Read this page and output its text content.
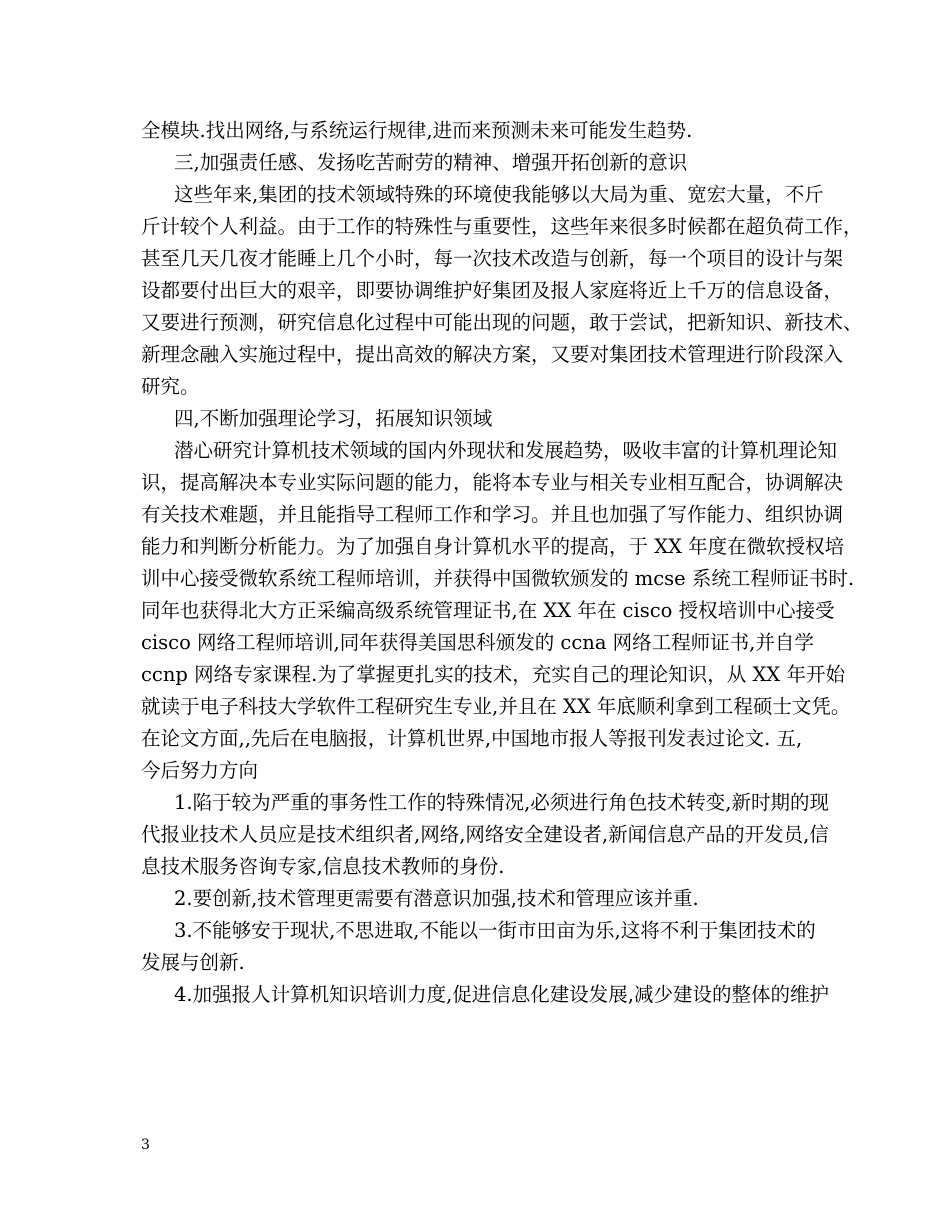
全模块.找出网络,与系统运行规律,进而来预测未来可能发生趋势.
三,加强责任感、发扬吃苦耐劳的精神、增强开拓创新的意识
这些年来,集团的技术领域特殊的环境使我能够以大局为重、宽宏大量，不斤
斤计较个人利益。由于工作的特殊性与重要性，这些年来很多时候都在超负荷工作，
甚至几天几夜才能睡上几个小时，每一次技术改造与创新，每一个项目的设计与架
设都要付出巨大的艰辛，即要协调维护好集团及报人家庭将近上千万的信息设备，
又要进行预测，研究信息化过程中可能出现的问题，敢于尝试，把新知识、新技术、
新理念融入实施过程中，提出高效的解决方案，又要对集团技术管理进行阶段深入
研究。
四,不断加强理论学习，拓展知识领域
潜心研究计算机技术领域的国内外现状和发展趋势，吸收丰富的计算机理论知
识，提高解决本专业实际问题的能力，能将本专业与相关专业相互配合，协调解决
有关技术难题，并且能指导工程师工作和学习。并且也加强了写作能力、组织协调
能力和判断分析能力。为了加强自身计算机水平的提高，于 XX 年度在微软授权培
训中心接受微软系统工程师培训，并获得中国微软颁发的 mcse 系统工程师证书时.
同年也获得北大方正采编高级系统管理证书,在 XX 年在 cisco 授权培训中心接受
cisco 网络工程师培训,同年获得美国思科颁发的 ccna 网络工程师证书,并自学
ccnp 网络专家课程.为了掌握更扎实的技术，充实自己的理论知识，从 XX 年开始
就读于电子科技大学软件工程研究生专业,并且在 XX 年底顺利拿到工程硕士文凭。
在论文方面,,先后在电脑报，计算机世界,中国地市报人等报刊发表过论文. 五,
今后努力方向
1.陷于较为严重的事务性工作的特殊情况,必须进行角色技术转变,新时期的现
代报业技术人员应是技术组织者,网络,网络安全建设者,新闻信息产品的开发员,信
息技术服务咨询专家,信息技术教师的身份.
2.要创新,技术管理更需要有潜意识加强,技术和管理应该并重.
3.不能够安于现状,不思进取,不能以一街市田亩为乐,这将不利于集团技术的
发展与创新.
4.加强报人计算机知识培训力度,促进信息化建设发展,减少建设的整体的维护
3
